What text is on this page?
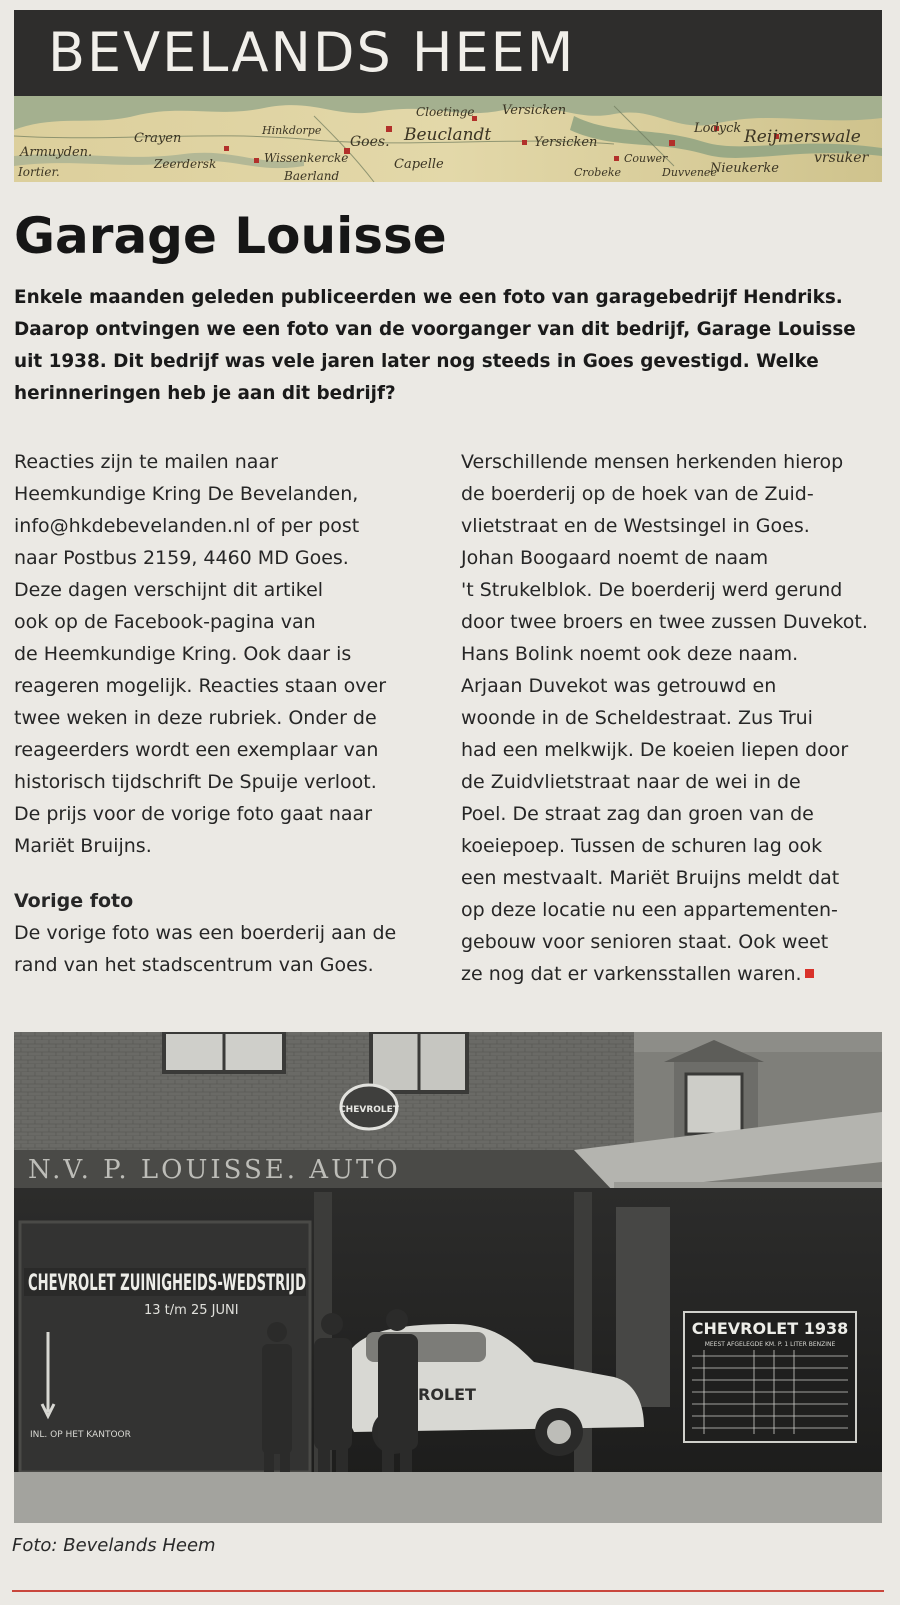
BEVELANDS HEEM
Armuyden.
Iortier.
Crayen
Zeerdersk
Hinkdorpe
Wissenkercke
Goes.
Baerland
Cloetinge
Beuclandt
Capelle
Versicken
Yersicken
Lodyck Reijmerswale
Couwer
Nieukerke
Duvvenee
vrsuker
Crobeke
Garage Louisse

Enkele maanden geleden publiceerden we een foto van garagebedrijf Hendriks. Daarop ontvingen we een foto van de voorganger van dit bedrijf, Garage Louisse uit 1938. Dit bedrijf was vele jaren later nog steeds in Goes gevestigd. Welke herinneringen heb je aan dit bedrijf?

Reacties zijn te mailen naar

Heemkundige Kring De Bevelanden,

info@hkdebevelanden.nl of per post

naar Postbus 2159, 4460 MD Goes.

Deze dagen verschijnt dit artikel

ook op de Facebook-pagina van

de Heemkundige Kring. Ook daar is

reageren mogelijk. Reacties staan over

twee weken in deze rubriek. Onder de

reageerders wordt een exemplaar van

historisch tijdschrift De Spuije verloot.

De prijs voor de vorige foto gaat naar

Mariët Bruijns.

Vorige foto

De vorige foto was een boerderij aan de

rand van het stadscentrum van Goes.

Verschillende mensen herkenden hierop

de boerderij op de hoek van de Zuid-

vlietstraat en de Westsingel in Goes.

Johan Boogaard noemt de naam

't Strukelblok. De boerderij werd gerund

door twee broers en twee zussen Duvekot.

Hans Bolink noemt ook deze naam.

Arjaan Duvekot was getrouwd en

woonde in de Scheldestraat. Zus Trui

had een melkwijk. De koeien liepen door

de Zuidvlietstraat naar de wei in de

Poel. De straat zag dan groen van de

koeiepoep. Tussen de schuren lag ook

een mestvaalt. Mariët Bruijns meldt dat

op deze locatie nu een appartementen-

gebouw voor senioren staat. Ook weet

ze nog dat er varkensstallen waren.

CHEVROLET
N.V. P. LOUISSE. AUTO
CHEVROLET ZUINIGHEIDS-WEDSTRIJD
13 t/m 25 JUNI
INL. OP HET KANTOOR
CHEVROLET 1938
MEEST AFGELEGDE KM. P. 1 LITER BENZINE
ROLET

Foto: Bevelands Heem
